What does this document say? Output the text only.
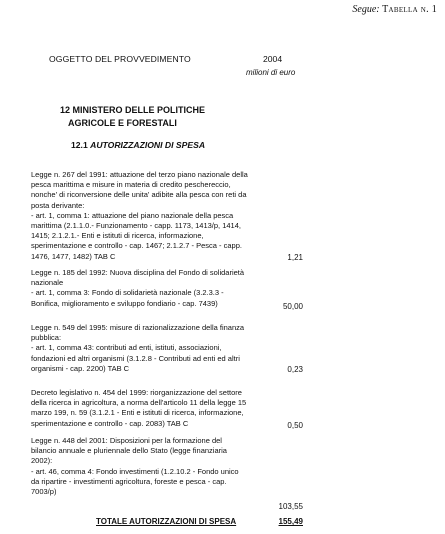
Segue: Tabella n. 1
OGGETTO DEL PROVVEDIMENTO	2004
milioni di euro
12 MINISTERO DELLE POLITICHE
AGRICOLE E FORESTALI
12.1 AUTORIZZAZIONI DI SPESA
Legge n. 267 del 1991: attuazione del terzo piano nazionale della
pesca marittima e misure in materia di credito peschereccio,
nonche' di riconversione delle unita' adibite alla pesca con reti da
posta derivante:
- art. 1, comma 1: attuazione del piano nazionale della pesca
marittima (2.1.1.0.- Funzionamento - capp. 1173, 1413/p, 1414,
1415; 2.1.2.1.- Enti e istituti di ricerca, informazione,
sperimentazione e controllo - cap. 1467; 2.1.2.7 - Pesca - capp.
1476, 1477, 1482) TAB C	1,21
Legge n. 185 del 1992: Nuova disciplina del Fondo di solidarietà
nazionale
- art. 1, comma 3: Fondo di solidarietà nazionale (3.2.3.3 -
Bonifica, miglioramento e sviluppo fondiario - cap. 7439)	50,00
Legge n. 549 del 1995: misure di razionalizzazione della finanza
pubblica:
- art. 1, comma 43: contributi ad enti, istituti, associazioni,
fondazioni ed altri organismi (3.1.2.8 - Contributi ad enti ed altri
organismi - cap. 2200) TAB C	0,23
Decreto legislativo n. 454 del 1999: riorganizzazione del settore
della ricerca in agricoltura, a norma dell'articolo 11 della legge 15
marzo 199, n. 59 (3.1.2.1 - Enti e istituti di ricerca, informazione,
sperimentazione e controllo - cap. 2083) TAB C	0,50
Legge n. 448 del 2001: Disposizioni per la formazione del
bilancio annuale e pluriennale dello Stato (legge finanziaria
2002):
- art. 46, comma 4: Fondo investimenti (1.2.10.2 - Fondo unico
da ripartire - investimenti agricoltura, foreste e pesca - cap.
7003/p)
103,55
TOTALE AUTORIZZAZIONI DI SPESA	155,49
